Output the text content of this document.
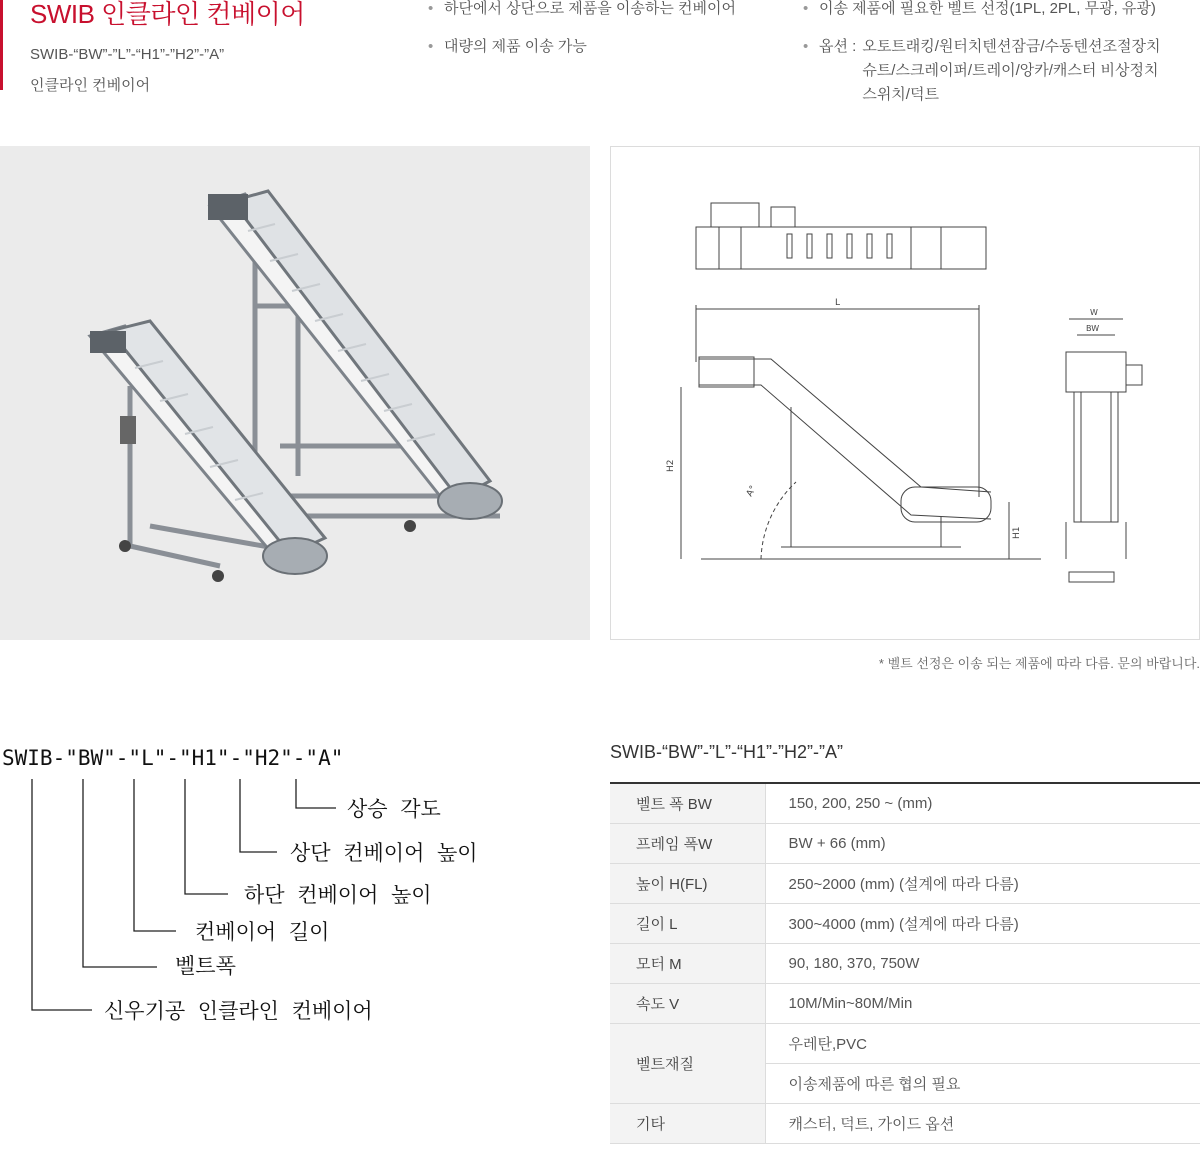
SWIB 인클라인 컨베이어
SWIB-“BW”-”L”-“H1”-”H2”-”A”
인클라인 컨베이어
• 하단에서 상단으로 제품을 이송하는 컨베이어
• 대량의 제품 이송 가능
• 이송 제품에 필요한 벨트 선정(1PL, 2PL, 무광, 유광)
• 옵션 : 오토트래킹/원터치텐션잠금/수동텐션조절장치
슈트/스크레이퍼/트레이/앙카/캐스터 비상정치
스위치/덕트
L
H2
A°
H1
W
BW
* 벨트 선정은 이송 되는 제품에 따라 다름. 문의 바랍니다.
SWIB-"BW"-"L"-"H1"-"H2"-"A"
상승 각도
상단 컨베이어 높이
하단 컨베이어 높이
컨베이어 길이
벨트폭
신우기공 인클라인 컨베이어
SWIB-“BW”-”L”-“H1”-”H2”-”A”
벨트 폭 BW	150, 200, 250 ~ (mm)
프레임 폭W	BW + 66 (mm)
높이 H(FL)	250~2000 (mm) (설계에 따라 다름)
길이 L	300~4000 (mm) (설계에 따라 다름)
모터 M	90, 180, 370, 750W
속도 V	10M/Min~80M/Min
벨트재질	우레탄,PVC
	이송제품에 따른 협의 필요
기타	캐스터, 덕트, 가이드 옵션
